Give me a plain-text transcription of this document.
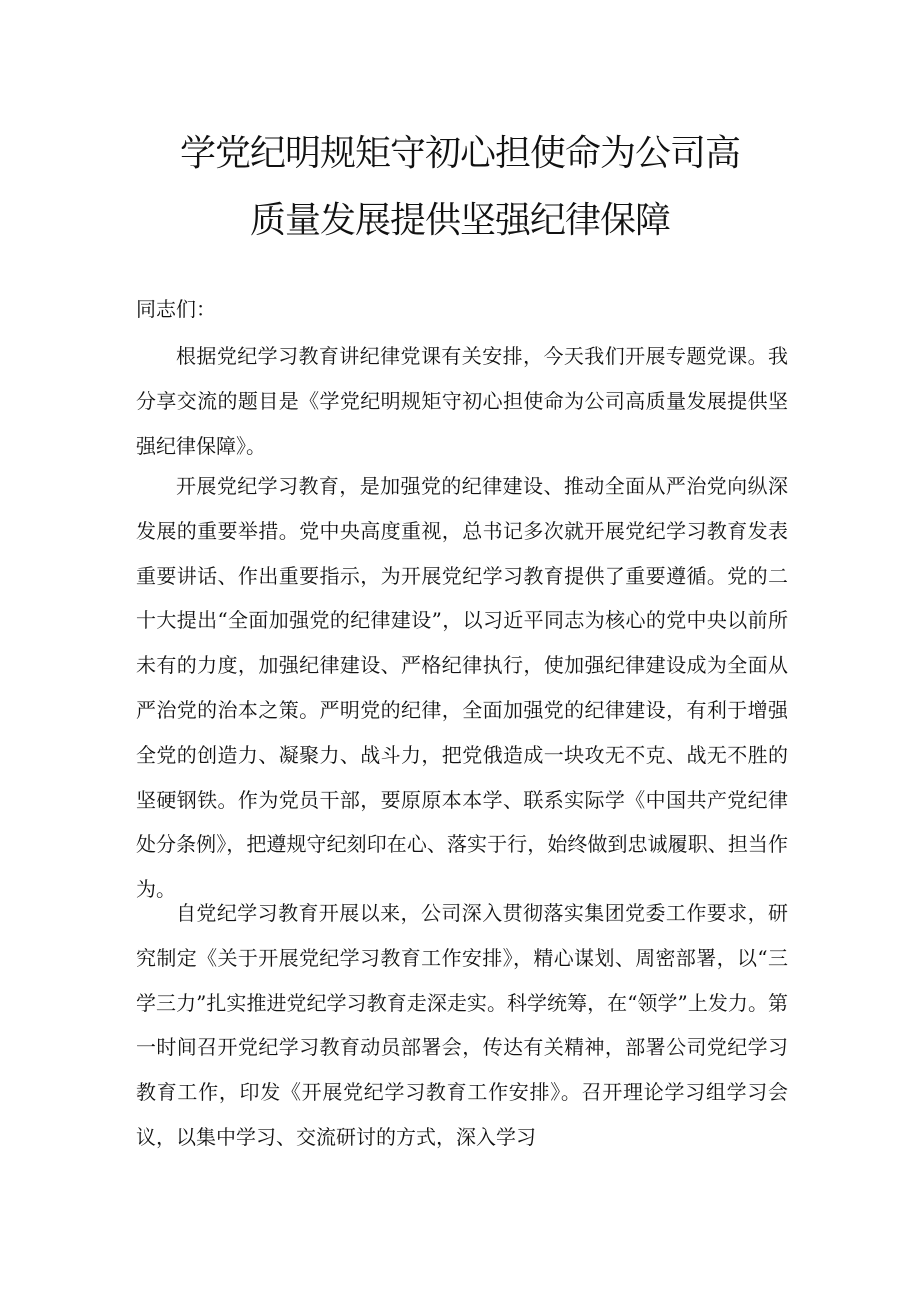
学党纪明规矩守初心担使命为公司高
质量发展提供坚强纪律保障

同志们：

根据党纪学习教育讲纪律党课有关安排，今天我们开展专题党课。我分享交流的题目是《学党纪明规矩守初心担使命为公司高质量发展提供坚强纪律保障》。

开展党纪学习教育，是加强党的纪律建设、推动全面从严治党向纵深发展的重要举措。党中央高度重视，总书记多次就开展党纪学习教育发表重要讲话、作出重要指示，为开展党纪学习教育提供了重要遵循。党的二十大提出“全面加强党的纪律建设”，以习近平同志为核心的党中央以前所未有的力度，加强纪律建设、严格纪律执行，使加强纪律建设成为全面从严治党的治本之策。严明党的纪律，全面加强党的纪律建设，有利于增强全党的创造力、凝聚力、战斗力，把党俄造成一块攻无不克、战无不胜的坚硬钢铁。作为党员干部，要原原本本学、联系实际学《中国共产党纪律处分条例》，把遵规守纪刻印在心、落实于行，始终做到忠诚履职、担当作为。

自党纪学习教育开展以来，公司深入贯彻落实集团党委工作要求，研究制定《关于开展党纪学习教育工作安排》，精心谋划、周密部署，以“三学三力”扎实推进党纪学习教育走深走实。科学统筹，在“领学”上发力。第一时间召开党纪学习教育动员部署会，传达有关精神，部署公司党纪学习教育工作，印发《开展党纪学习教育工作安排》。召开理论学习组学习会议，以集中学习、交流研讨的方式，深入学习
